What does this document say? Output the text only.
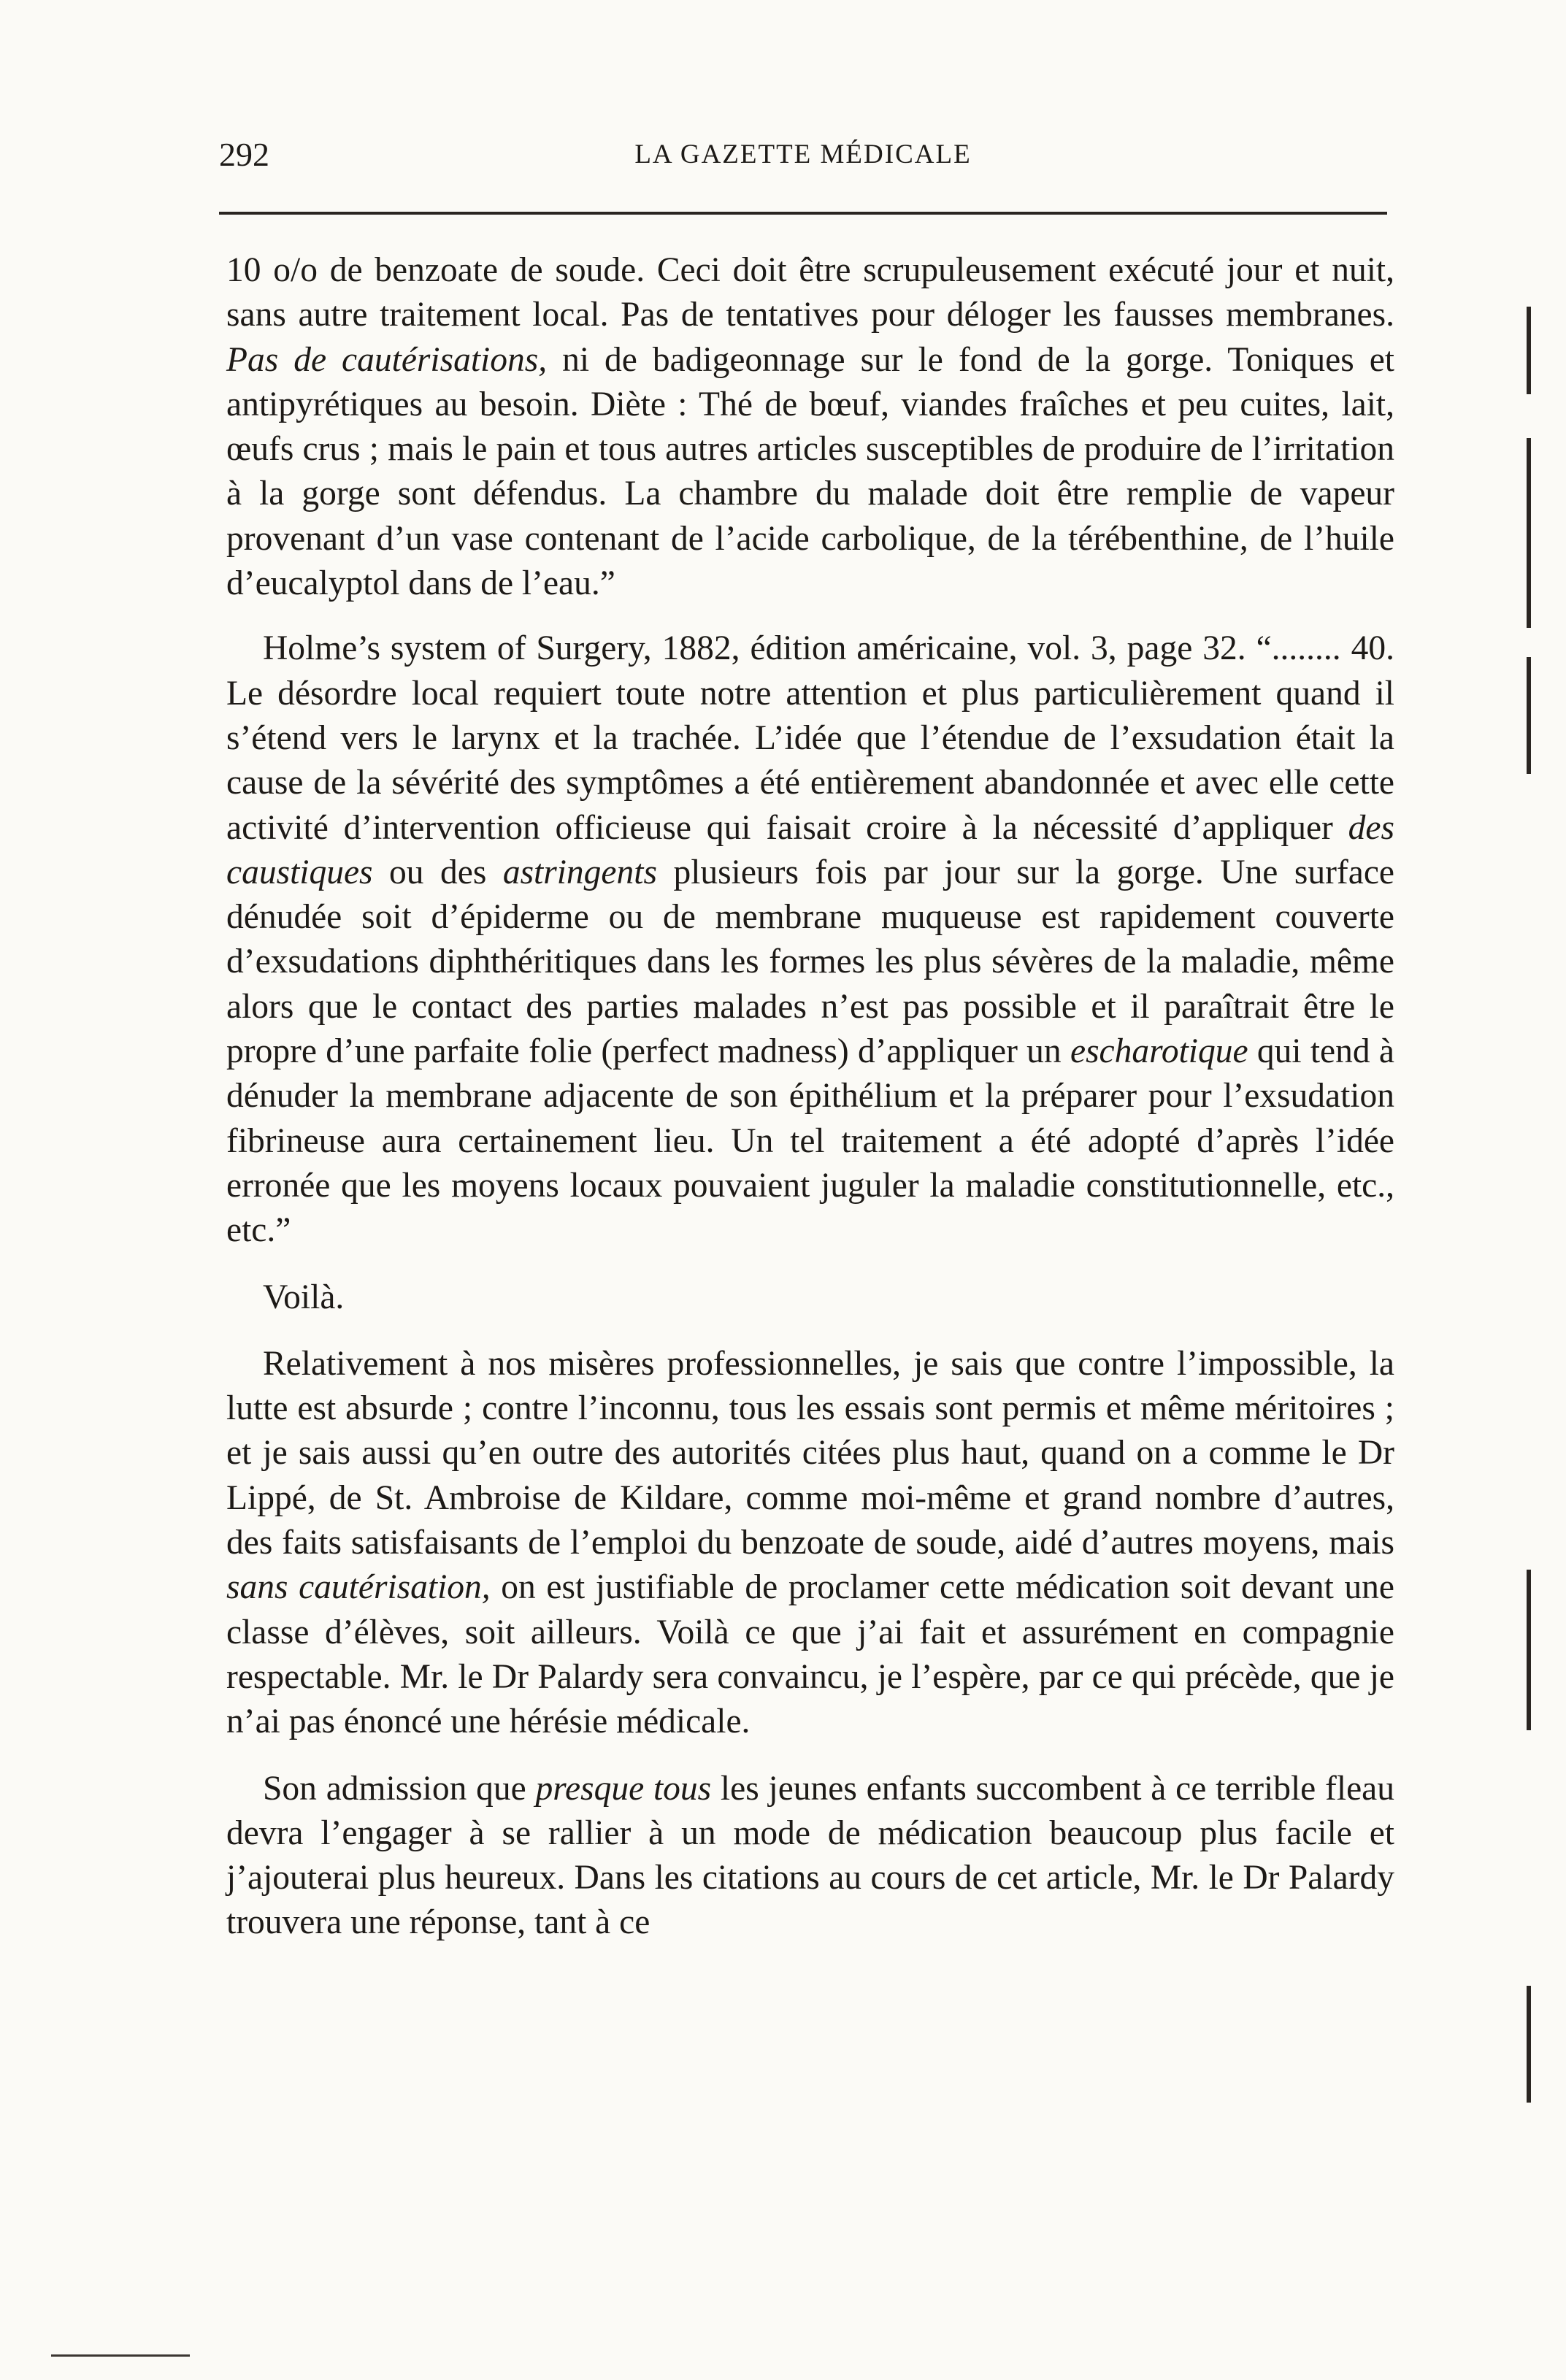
292	LA GAZETTE MÉDICALE

10 o/o de benzoate de soude. Ceci doit être scrupuleusement exécuté jour et nuit, sans autre traitement local. Pas de tentatives pour déloger les fausses membranes. Pas de cautérisations, ni de badigeonnage sur le fond de la gorge. Toniques et antipyrétiques au besoin. Diète : Thé de bœuf, viandes fraîches et peu cuites, lait, œufs crus ; mais le pain et tous autres articles susceptibles de produire de l’irritation à la gorge sont défendus. La chambre du malade doit être remplie de vapeur provenant d’un vase contenant de l’acide carbolique, de la térébenthine, de l’huile d’eucalyptol dans de l’eau.”

Holme’s system of Surgery, 1882, édition américaine, vol. 3, page 32. “........ 40. Le désordre local requiert toute notre attention et plus particulièrement quand il s’étend vers le larynx et la trachée. L’idée que l’étendue de l’exsudation était la cause de la sévérité des symptômes a été entièrement abandonnée et avec elle cette activité d’intervention officieuse qui faisait croire à la nécessité d’appliquer des caustiques ou des astringents plusieurs fois par jour sur la gorge. Une surface dénudée soit d’épiderme ou de membrane muqueuse est rapidement couverte d’exsudations diphthéritiques dans les formes les plus sévères de la maladie, même alors que le contact des parties malades n’est pas possible et il paraîtrait être le propre d’une parfaite folie (perfect madness) d’appliquer un escharotique qui tend à dénuder la membrane adjacente de son épithélium et la préparer pour l’exsudation fibrineuse aura certainement lieu. Un tel traitement a été adopté d’après l’idée erronée que les moyens locaux pouvaient juguler la maladie constitutionnelle, etc., etc.”

Voilà.

Relativement à nos misères professionnelles, je sais que contre l’impossible, la lutte est absurde ; contre l’inconnu, tous les essais sont permis et même méritoires ; et je sais aussi qu’en outre des autorités citées plus haut, quand on a comme le Dr Lippé, de St. Ambroise de Kildare, comme moi-même et grand nombre d’autres, des faits satisfaisants de l’emploi du benzoate de soude, aidé d’autres moyens, mais sans cautérisation, on est justifiable de proclamer cette médication soit devant une classe d’élèves, soit ailleurs. Voilà ce que j’ai fait et assurément en compagnie respectable. Mr. le Dr Palardy sera convaincu, je l’espère, par ce qui précède, que je n’ai pas énoncé une hérésie médicale.

Son admission que presque tous les jeunes enfants succombent à ce terrible fleau devra l’engager à se rallier à un mode de médication beaucoup plus facile et j’ajouterai plus heureux. Dans les citations au cours de cet article, Mr. le Dr Palardy trouvera une réponse, tant à ce
